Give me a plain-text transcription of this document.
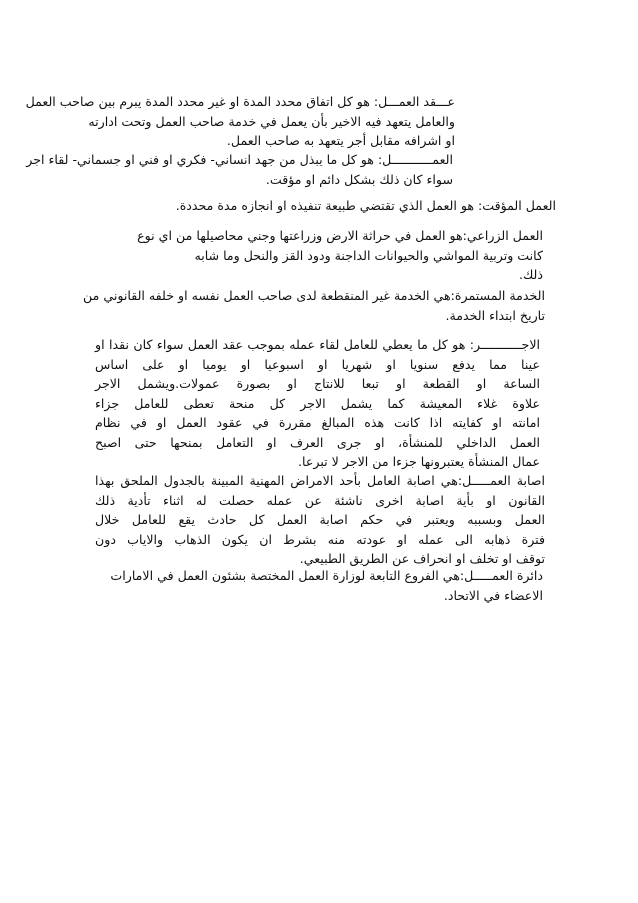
عـــقد العمـــل: هو كل اتفاق محدد المدة او غير محدد المدة يبرم بين صاحب العمل
والعامل يتعهد فيه الاخير بأن يعمل في خدمة صاحب العمل وتحت ادارته
او اشرافه مقابل أجر يتعهد به صاحب العمل.
العمـــــــــــل: هو كل ما يبذل من جهد انساني- فكري او فني او جسماني- لقاء اجر
سواء كان ذلك بشكل دائم او مؤقت.
العمل المؤقت: هو العمل الذي تقتضي طبيعة تنفيذه او انجازه مدة محددة.
العمل الزراعي:هو العمل في حراثة الارض وزراعتها وجني محاصيلها من اي نوع
كانت وتربية المواشي والحيوانات الداجنة ودود القز والنحل وما شابه
ذلك.
الخدمة المستمرة:هي الخدمة غير المنقطعة لدى صاحب العمل نفسه او خلفه القانوني من
تاريخ ابتداء الخدمة.
الاجـــــــــــر: هو كل ما يعطي للعامل لقاء عمله بموجب عقد العمل سواء كان نقدا او
عينا مما يدفع سنويا او شهريا او اسبوعيا او يوميا او على اساس
الساعة او القطعة او تبعا للانتاج او بصورة عمولات.ويشمل الاجر
علاوة غلاء المعيشة كما يشمل الاجر كل منحة تعطى للعامل جزاء
امانته او كفايته اذا كانت هذه المبالغ مقررة في عقود العمل او في نظام
العمل الداخلي للمنشأة، او جرى العرف او التعامل بمنحها حتى اصبح
عمال المنشأة يعتبرونها جزءا من الاجر لا تبرعا.
اصابة العمـــــل:هي اصابة العامل بأحد الامراض المهنية المبينة بالجدول الملحق بهذا
القانون او بأية اصابة اخرى ناشئة عن عمله حصلت له اثناء تأدية ذلك
العمل وبسببه ويعتبر في حكم اصابة العمل كل حادث يقع للعامل خلال
فترة ذهابه الى عمله او عودته منه بشرط ان يكون الذهاب والاياب دون
توقف او تخلف او انحراف عن الطريق الطبيعي.
دائرة العمـــــل:هي الفروع التابعة لوزارة العمل المختصة بشئون العمل في الامارات
الاعضاء في الاتحاد.
